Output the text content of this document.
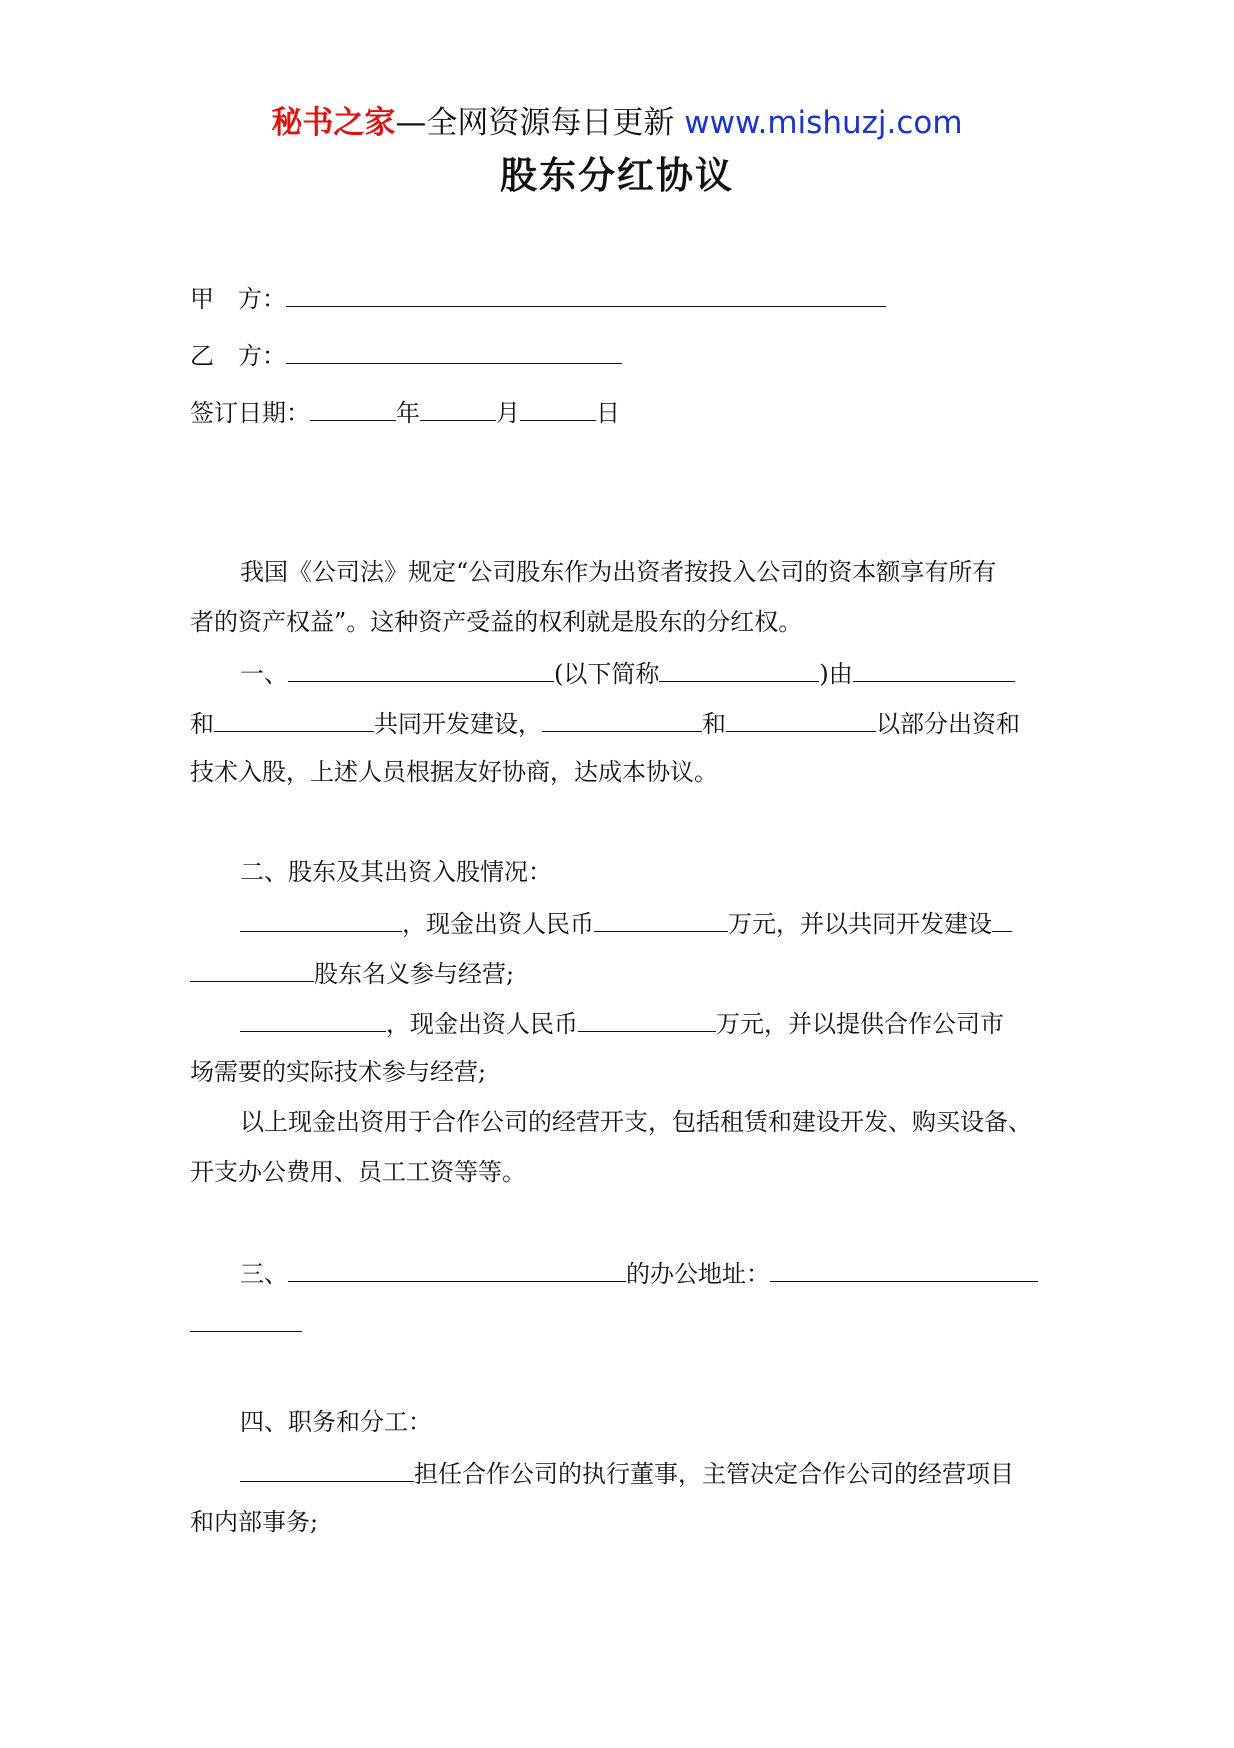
秘书之家—全网资源每日更新 www.mishuzj.com
股东分红协议
甲 方：
乙 方：
签订日期：	年	月	日
我国《公司法》规定“公司股东作为出资者按投入公司的资本额享有所有
者的资产权益”。这种资产受益的权利就是股东的分红权。
一、	(以下简称	)由
和	共同开发建设，	和	以部分出资和
技术入股，上述人员根据友好协商，达成本协议。
二、股东及其出资入股情况：
，现金出资人民币	万元，并以共同开发建设
股东名义参与经营;
，现金出资人民币	万元，并以提供合作公司市
场需要的实际技术参与经营;
以上现金出资用于合作公司的经营开支，包括租赁和建设开发、购买设备、
开支办公费用、员工工资等等。
三、	的办公地址：
四、职务和分工：
担任合作公司的执行董事，主管决定合作公司的经营项目
和内部事务;
